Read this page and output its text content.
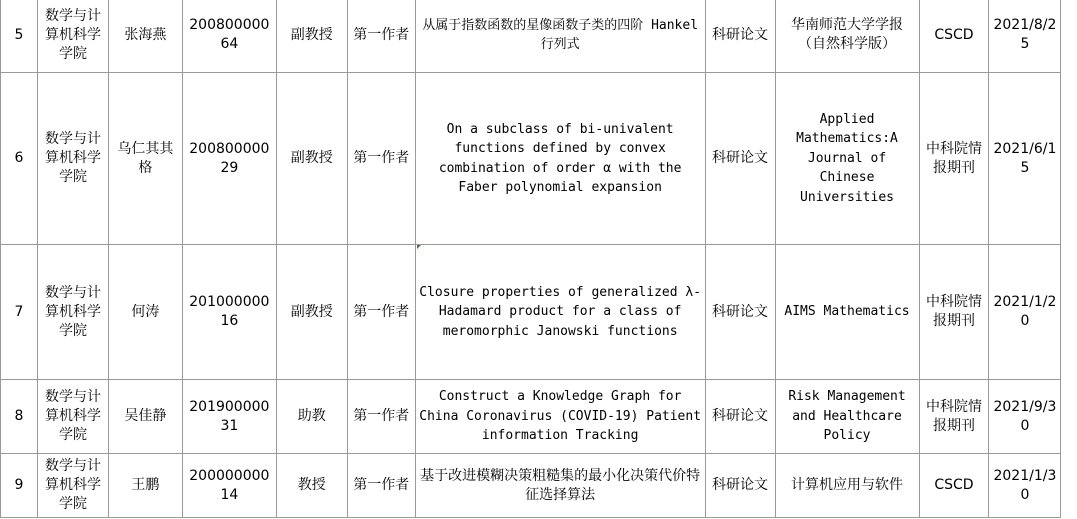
5	数学与计算机科学学院	张海燕	20080000064	副教授	第一作者	从属于指数函数的星像函数子类的四阶 Hankel 行列式	科研论文	华南师范大学学报（自然科学版）	CSCD	2021/8/25	
6	数学与计算机科学学院	乌仁其其格	20080000029	副教授	第一作者	On a subclass of bi-univalent functions defined by convex combination of order α with the Faber polynomial expansion	科研论文	Applied Mathematics:A Journal of Chinese Universities	中科院情报期刊	2021/6/15	
7	数学与计算机科学学院	何涛	20100000016	副教授	第一作者	Closure properties of generalized λ-Hadamard product for a class of meromorphic Janowski functions	科研论文	AIMS Mathematics	中科院情报期刊	2021/1/20	
8	数学与计算机科学学院	吴佳静	20190000031	助教	第一作者	Construct a Knowledge Graph for China Coronavirus (COVID-19) Patient information Tracking	科研论文	Risk Management and Healthcare Policy	中科院情报期刊	2021/9/30	
9	数学与计算机科学学院	王鹏	20000000014	教授	第一作者	基于改进模糊决策粗糙集的最小化决策代价特征选择算法	科研论文	计算机应用与软件	CSCD	2021/1/30	
